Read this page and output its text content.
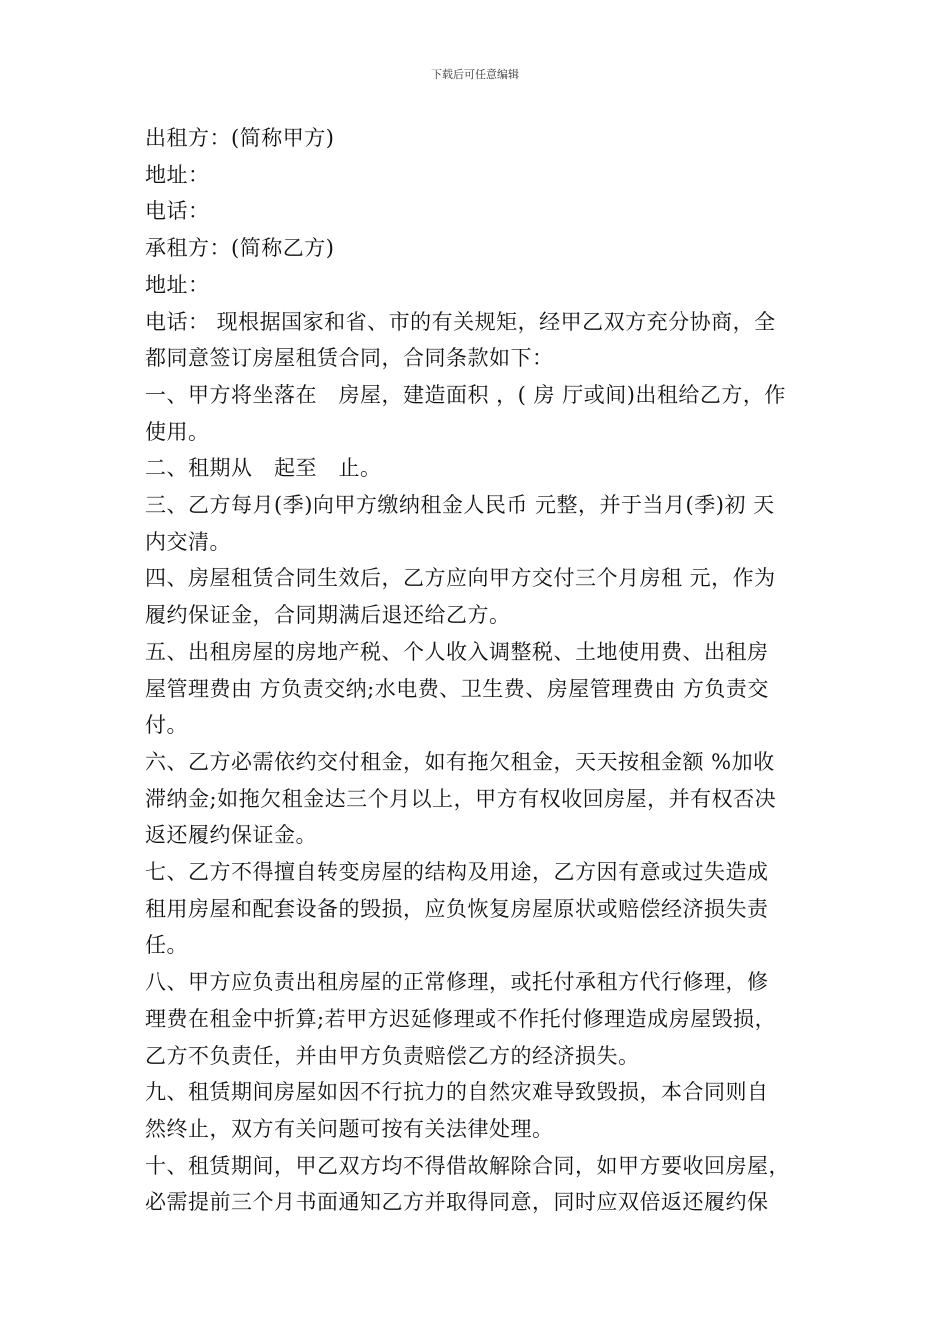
下载后可任意编辑
出租方：(简称甲方)
地址：
电话：
承租方：(简称乙方)
地址：
电话： 现根据国家和省、市的有关规矩，经甲乙双方充分协商，全
都同意签订房屋租赁合同，合同条款如下：
一、甲方将坐落在　房屋，建造面积 ，( 房 厅或间)出租给乙方，作
使用。
二、租期从　起至　止。
三、乙方每月(季)向甲方缴纳租金人民币 元整，并于当月(季)初 天
内交清。
四、房屋租赁合同生效后，乙方应向甲方交付三个月房租 元，作为
履约保证金，合同期满后退还给乙方。
五、出租房屋的房地产税、个人收入调整税、土地使用费、出租房
屋管理费由 方负责交纳;水电费、卫生费、房屋管理费由 方负责交
付。
六、乙方必需依约交付租金，如有拖欠租金，天天按租金额 %加收
滞纳金;如拖欠租金达三个月以上，甲方有权收回房屋，并有权否决
返还履约保证金。
七、乙方不得擅自转变房屋的结构及用途，乙方因有意或过失造成
租用房屋和配套设备的毁损，应负恢复房屋原状或赔偿经济损失责
任。
八、甲方应负责出租房屋的正常修理，或托付承租方代行修理，修
理费在租金中折算;若甲方迟延修理或不作托付修理造成房屋毁损，
乙方不负责任，并由甲方负责赔偿乙方的经济损失。
九、租赁期间房屋如因不行抗力的自然灾难导致毁损，本合同则自
然终止，双方有关问题可按有关法律处理。
十、租赁期间，甲乙双方均不得借故解除合同，如甲方要收回房屋，
必需提前三个月书面通知乙方并取得同意，同时应双倍返还履约保
